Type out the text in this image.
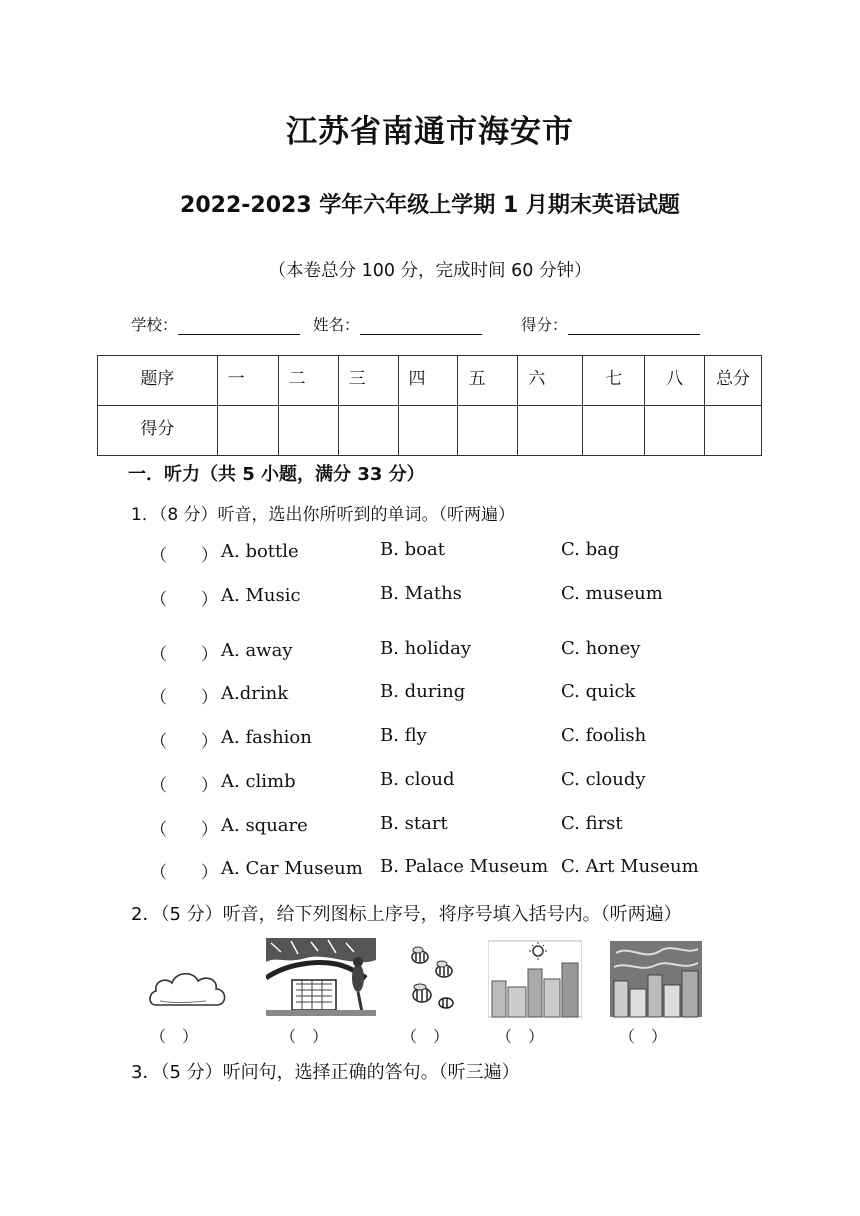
江苏省南通市海安市
2022-2023 学年六年级上学期 1 月期末英语试题
（本卷总分 100 分，完成时间 60 分钟）
学校：	姓名：	得分：
题序	一	二	三	四	五	六	七	八	总分

得分									

一．听力（共 5 小题，满分 33 分）
1．（8 分）听音，选出你所听到的单词。（听两遍）
（　　） A. bottle	B. boat	C. bag
（　　） A. Music	B. Maths	C. museum
（　　） A. away	B. holiday	C. honey
（　　） A.drink	B. during	C. quick
（　　） A. fashion	B. fly	C. foolish
（　　） A. climb	B. cloud	C. cloudy
（　　） A. square	B. start	C. first
（　　） A. Car Museum B. Palace Museum C. Art Museum
2．（5 分）听音，给下列图标上序号，将序号填入括号内。（听两遍）
（　）	（　）	（　）	（　）	（　）
3．（5 分）听问句，选择正确的答句。（听三遍）
